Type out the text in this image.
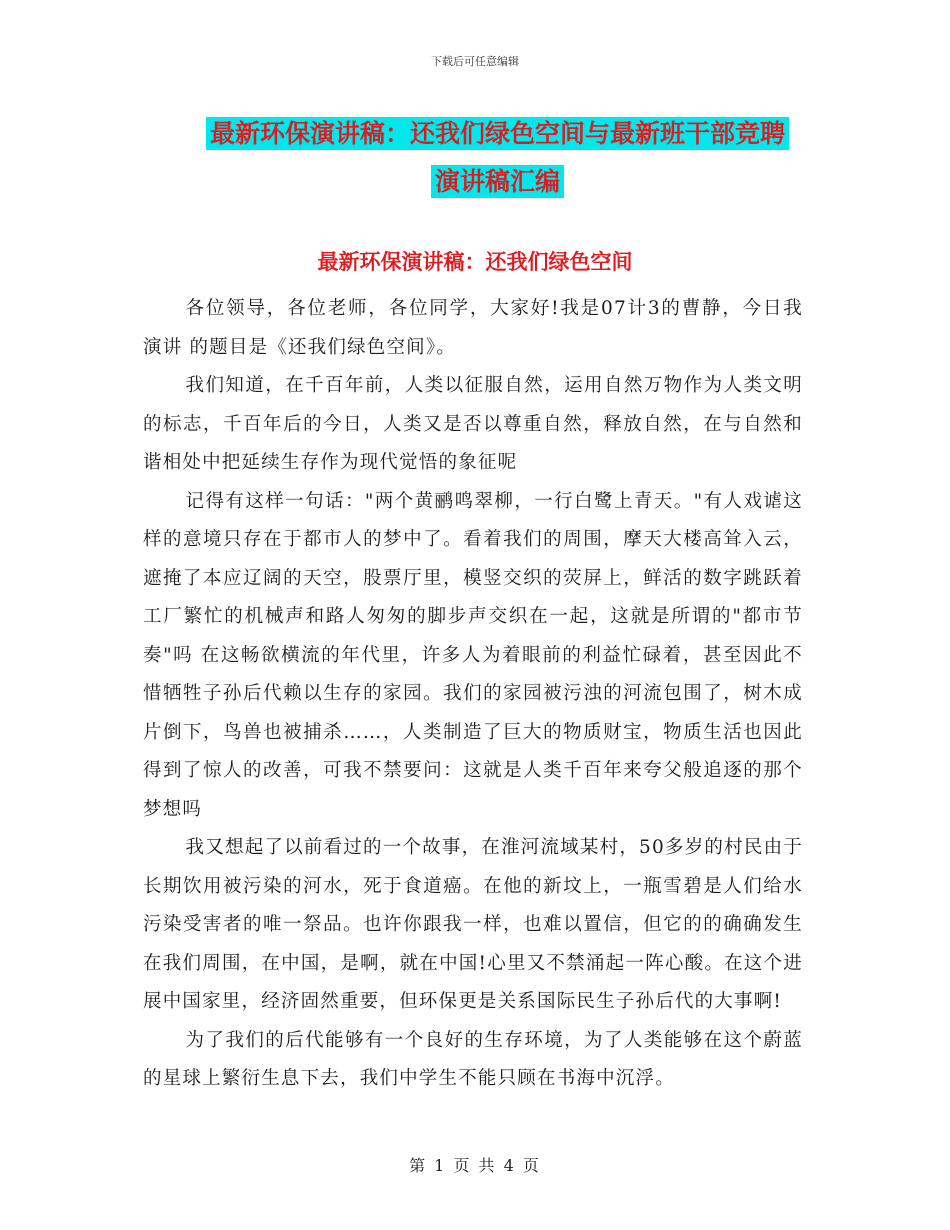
下载后可任意编辑
最新环保演讲稿：还我们绿色空间与最新班干部竞聘
演讲稿汇编
最新环保演讲稿：还我们绿色空间

各位领导，各位老师，各位同学，大家好!我是07计3的曹静，今日我演讲 的题目是《还我们绿色空间》。

我们知道，在千百年前，人类以征服自然，运用自然万物作为人类文明的标志，千百年后的今日，人类又是否以尊重自然，释放自然，在与自然和谐相处中把延续生存作为现代觉悟的象征呢

记得有这样一句话："两个黄鹂鸣翠柳，一行白鹭上青天。"有人戏谑这样的意境只存在于都市人的梦中了。看着我们的周围，摩天大楼高耸入云，遮掩了本应辽阔的天空，股票厅里，模竖交织的荧屏上，鲜活的数字跳跃着工厂繁忙的机械声和路人匆匆的脚步声交织在一起，这就是所谓的"都市节奏"吗 在这畅欲横流的年代里，许多人为着眼前的利益忙碌着，甚至因此不惜牺牲子孙后代赖以生存的家园。我们的家园被污浊的河流包围了，树木成片倒下，鸟兽也被捕杀……，人类制造了巨大的物质财宝，物质生活也因此得到了惊人的改善，可我不禁要问：这就是人类千百年来夸父般追逐的那个梦想吗

我又想起了以前看过的一个故事，在淮河流域某村，50多岁的村民由于长期饮用被污染的河水，死于食道癌。在他的新坟上，一瓶雪碧是人们给水污染受害者的唯一祭品。也许你跟我一样，也难以置信，但它的的确确发生在我们周围，在中国，是啊，就在中国!心里又不禁涌起一阵心酸。在这个进展中国家里，经济固然重要，但环保更是关系国际民生子孙后代的大事啊!

为了我们的后代能够有一个良好的生存环境，为了人类能够在这个蔚蓝的星球上繁衍生息下去，我们中学生不能只顾在书海中沉浮。

第 1 页 共 4 页
